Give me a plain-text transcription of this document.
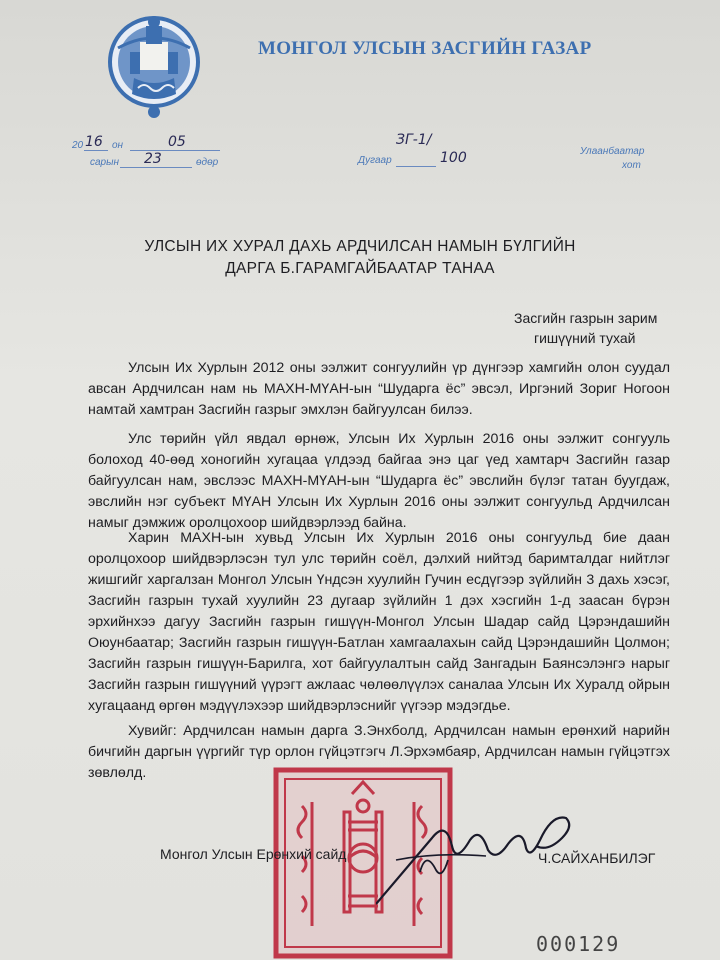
МОНГОЛ УЛСЫН ЗАСГИЙН ГАЗАР
20 16 он	05
сарын 23	өдөр
ЗГ-1/
Дугаар	100	Улаанбаатар
хот
УЛСЫН ИХ ХУРАЛ ДАХЬ АРДЧИЛСАН НАМЫН БҮЛГИЙН
ДАРГА Б.ГАРАМГАЙБААТАР ТАНАА
Засгийн газрын зарим
гишүүний тухай
Улсын Их Хурлын 2012 оны ээлжит сонгуулийн үр дүнгээр хамгийн олон суудал авсан Ардчилсан нам нь МАХН-МҮАН-ын “Шударга ёс” эвсэл, Иргэний Зориг Ногоон намтай хамтран Засгийн газрыг эмхлэн байгуулсан билээ.
Улс төрийн үйл явдал өрнөж, Улсын Их Хурлын 2016 оны ээлжит сонгууль болоход 40-өөд хоногийн хугацаа үлдээд байгаа энэ цаг үед хамтарч Засгийн газар байгуулсан нам, эвслээс МАХН-МҮАН-ын “Шударга ёс” эвслийн бүлэг татан буугдаж, эвслийн нэг субъект МҮАН Улсын Их Хурлын 2016 оны ээлжит сонгуульд Ардчилсан намыг дэмжиж оролцохоор шийдвэрлээд байна.
Харин МАХН-ын хувьд Улсын Их Хурлын 2016 оны сонгуульд бие даан оролцохоор шийдвэрлэсэн тул улс төрийн соёл, дэлхий нийтэд баримталдаг нийтлэг жишгийг харгалзан Монгол Улсын Үндсэн хуулийн Гучин есдүгээр зүйлийн 3 дахь хэсэг, Засгийн газрын тухай хуулийн 23 дугаар зүйлийн 1 дэх хэсгийн 1-д заасан бүрэн эрхийнхээ дагуу Засгийн газрын гишүүн-Монгол Улсын Шадар сайд Цэрэндашийн Оюунбаатар; Засгийн газрын гишүүн-Батлан хамгаалахын сайд Цэрэндашийн Цолмон; Засгийн газрын гишүүн-Барилга, хот байгуулалтын сайд Зангадын Баянсэлэнгэ нарыг Засгийн газрын гишүүний үүрэгт ажлаас чөлөөлүүлэх саналаа Улсын Их Хуралд ойрын хугацаанд өргөн мэдүүлэхээр шийдвэрлэснийг үүгээр мэдэгдье.
Хувийг: Ардчилсан намын дарга З.Энхболд, Ардчилсан намын ерөнхий нарийн бичгийн даргын үүргийг түр орлон гүйцэтгэгч Л.Эрхэмбаяр, Ардчилсан намын гүйцэтгэх зөвлөлд.
Монгол Улсын Ерөнхий сайд	Ч.САЙХАНБИЛЭГ
000129
